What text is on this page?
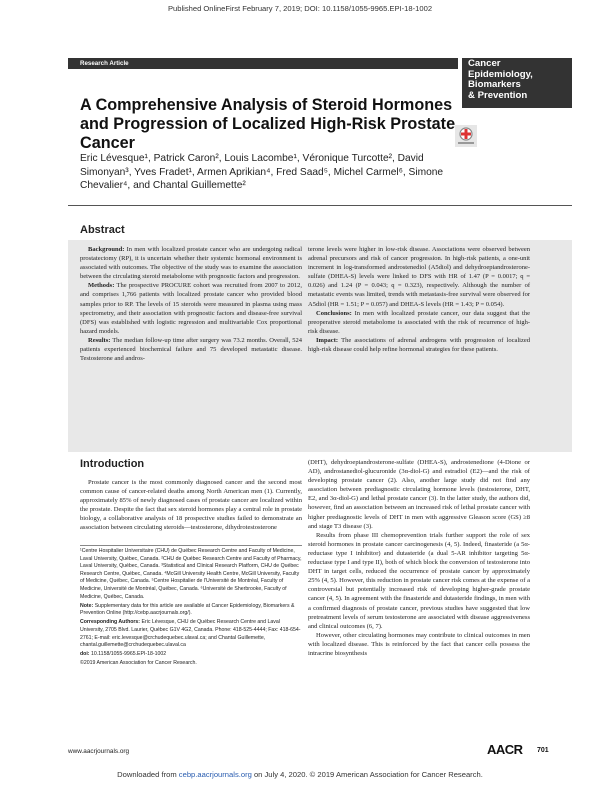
Published OnlineFirst February 7, 2019; DOI: 10.1158/1055-9965.EPI-18-1002
Research Article	Cancer
Epidemiology,
Biomarkers
& Prevention
A Comprehensive Analysis of Steroid Hormones and Progression of Localized High-Risk Prostate Cancer
Eric Lévesque¹, Patrick Caron², Louis Lacombe¹, Véronique Turcotte², David Simonyan³, Yves Fradet¹, Armen Aprikian⁴, Fred Saad⁵, Michel Carmel⁶, Simone Chevalier⁴, and Chantal Guillemette²
Abstract

Background: In men with localized prostate cancer who are undergoing radical prostatectomy (RP), it is uncertain whether their systemic hormonal environment is associated with outcomes. The objective of the study was to examine the association between the circulating steroid metabolome with prognostic factors and progression.

Methods: The prospective PROCURE cohort was recruited from 2007 to 2012, and comprises 1,766 patients with localized prostate cancer who provided blood samples prior to RP. The levels of 15 steroids were measured in plasma using mass spectrometry, and their association with prognostic factors and disease-free survival (DFS) was established with logistic regression and multivariable Cox proportional hazard models.

Results: The median follow-up time after surgery was 73.2 months. Overall, 524 patients experienced biochemical failure and 75 developed metastatic disease. Testosterone and andros-

terone levels were higher in low-risk disease. Associations were observed between adrenal precursors and risk of cancer progression. In high-risk patients, a one-unit increment in log-transformed androstenediol (A5diol) and dehydroepiandrosterone-sulfate (DHEA-S) levels were linked to DFS with HR of 1.47 (P = 0.0017; q = 0.026) and 1.24 (P = 0.043; q = 0.323), respectively. Although the number of metastatic events was limited, trends with metastasis-free survival were observed for A5diol (HR = 1.51; P = 0.057) and DHEA-S levels (HR = 1.43; P = 0.054).

Conclusions: In men with localized prostate cancer, our data suggest that the preoperative steroid metabolome is associated with the risk of recurrence of high-risk disease.

Impact: The associations of adrenal androgens with progression of localized high-risk disease could help refine hormonal strategies for these patients.

Introduction

Prostate cancer is the most commonly diagnosed cancer and the second most common cause of cancer-related deaths among North American men (1). Currently, approximately 85% of newly diagnosed cases of prostate cancer are localized within the prostate. Despite the fact that sex steroid hormones play a central role in prostate biology, a collaborative analysis of 18 prospective studies failed to demonstrate an association between circulating steroids—testosterone, dihydrotestosterone

(DHT), dehydroepiandrosterone-sulfate (DHEA-S), androstenedione (4-Dione or AD), androstanediol-glucuronide (3α-diol-G) and estradiol (E2)—and the risk of developing prostate cancer (2). Also, another large study did not find any association between prediagnostic circulating hormone levels (testosterone, DHT, E2, and 3α-diol-G) and lethal prostate cancer (3). In the latter study, the authors did, however, find an association between an increased risk of lethal prostate cancer with higher prediagnostic levels of DHT in men with aggressive Gleason score (GS) ≥8 and stage T3 disease (3).

Results from phase III chemoprevention trials further support the role of sex steroid hormones in prostate cancer carcinogenesis (4, 5). Indeed, finasteride (a 5α-reductase type I inhibitor) and dutasteride (a dual 5-AR inhibitor targeting 5α-reductase type I and type II), both of which block the conversion of testosterone into DHT in target cells, reduced the occurrence of prostate cancer by approximately 25% (4, 5). However, this reduction in prostate cancer risk comes at the expense of a controversial but potentially increased risk of developing higher-grade prostate cancer (4, 5). In agreement with the finasteride and dutasteride findings, in men with a confirmed diagnosis of prostate cancer, previous studies have suggested that low pretreatment levels of serum testosterone are associated with disease aggressiveness and clinical outcomes (6, 7).

However, other circulating hormones may contribute to clinical outcomes in men with localized disease. This is reinforced by the fact that cancer cells possess the intracrine biosynthesis

¹Centre Hospitalier Universitaire (CHU) de Québec Research Centre and Faculty of Medicine, Laval University, Québec, Canada. ²CHU de Québec Research Centre and Faculty of Pharmacy, Laval University, Québec, Canada. ³Statistical and Clinical Research Platform, CHU de Québec Research Centre, Québec, Canada. ⁴McGill University Health Centre, McGill University, Faculty of Medicine, Québec, Canada. ⁵Centre Hospitalier de l'Université de Montréal, Faculty of Medicine, Université de Montréal, Québec, Canada. ⁶Université de Sherbrooke, Faculty of Medicine, Québec, Canada.
Note: Supplementary data for this article are available at Cancer Epidemiology, Biomarkers & Prevention Online (http://cebp.aacrjournals.org/).
Corresponding Authors: Eric Lévesque, CHU de Québec Research Centre and Laval University, 2705 Blvd. Laurier, Québec G1V 4G2, Canada. Phone: 418-525-4444; Fax: 418-654-2761; E-mail: eric.levesque@crchudequebec.ulaval.ca; and Chantal Guillemette, chantal.guillemette@crchudequebec.ulaval.ca
doi: 10.1158/1055-9965.EPI-18-1002
©2019 American Association for Cancer Research.
www.aacrjournals.org	AACR 701
Downloaded from cebp.aacrjournals.org on July 4, 2020. © 2019 American Association for Cancer Research.
